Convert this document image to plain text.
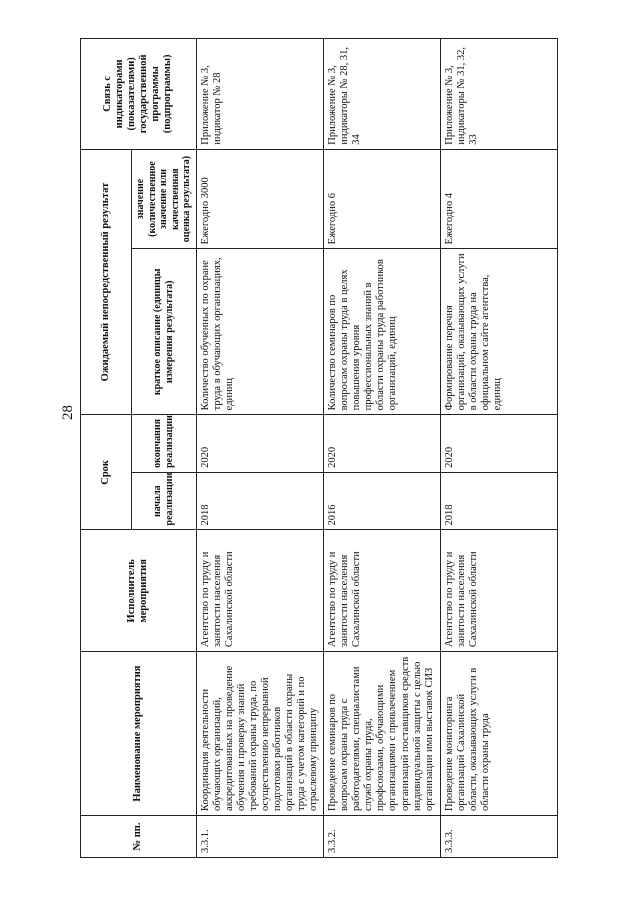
28
№ пп.	Наименование мероприятия	Исполнитель мероприятия	Срок		Ожидаемый непосредственный результат		Связь с индикаторами (показателями) государственной программы (подпрограммы)
			начала реализации	окончания реализации	краткое описание (единицы измерения результата)	значение (количественное значение или качественная оценка результата)	
3.3.1.	Координация деятельности обучающих организаций, аккредитованных на проведение обучения и проверку знаний требований охраны труда, по осуществлению непрерывной подготовки работников организаций в области охраны труда с учетом категорий и по отраслевому принципу	Агентство по труду и занятости населения Сахалинской области	2018	2020	Количество обученных по охране труда в обучающих организациях, единиц	Ежегодно 3000	Приложение № 3, индикатор № 28
3.3.2.	Проведение семинаров по вопросам охраны труда с работодателями, специалистами служб охраны труда, профсоюзами, обучающими организациями с привлечением организаций поставщиков средств индивидуальной защиты с целью организации ими выставок СИЗ	Агентство по труду и занятости населения Сахалинской области	2016	2020	Количество семинаров по вопросам охраны труда в целях повышения уровня профессиональных знаний в области охраны труда работников организаций, единиц	Ежегодно 6	Приложение № 3, индикаторы № 28, 31, 34
3.3.3.	Проведение мониторинга организаций Сахалинской области, оказывающих услуги в области охраны труда	Агентство по труду и занятости населения Сахалинской области	2018	2020	Формирование перечня организаций, оказывающих услуги в области охраны труда на официальном сайте агентства, единиц	Ежегодно 4	Приложение № 3, индикаторы № 31, 32, 33
